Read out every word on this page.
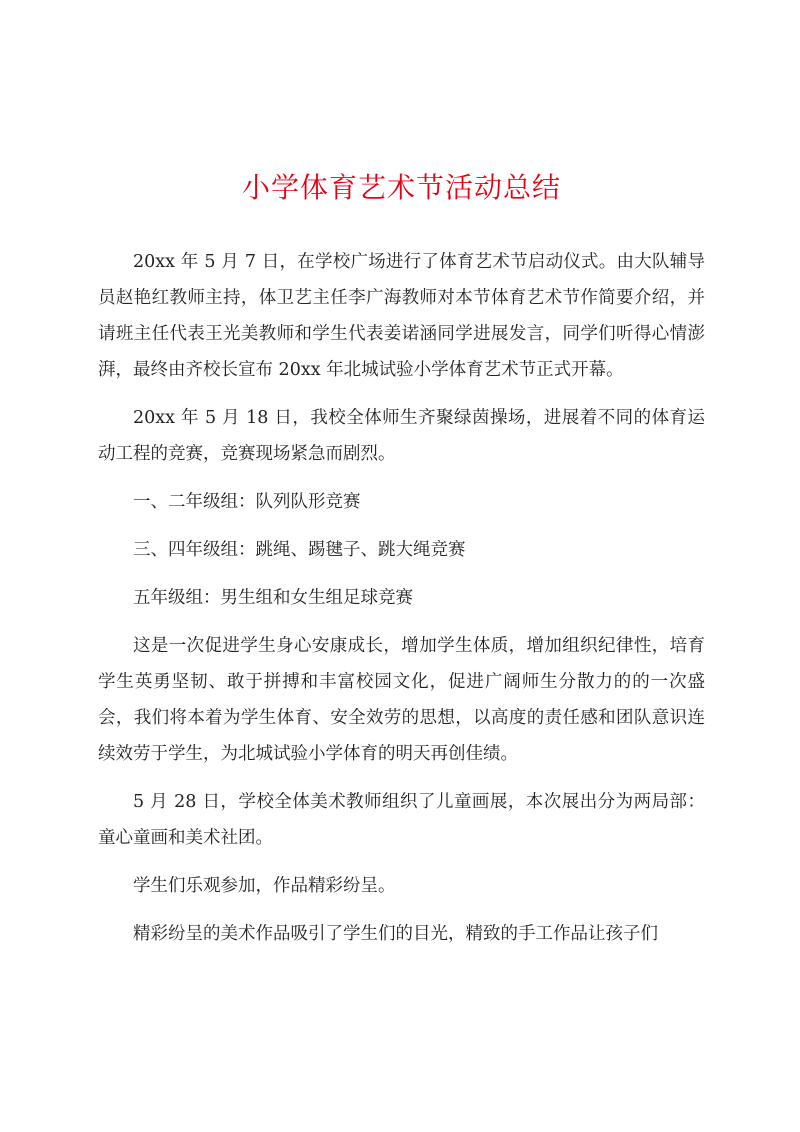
小学体育艺术节活动总结

20xx 年 5 月 7 日，在学校广场进行了体育艺术节启动仪式。由大队辅导员赵艳红教师主持，体卫艺主任李广海教师对本节体育艺术节作简要介绍，并请班主任代表王光美教师和学生代表姜诺涵同学进展发言，同学们听得心情澎湃，最终由齐校长宣布 20xx 年北城试验小学体育艺术节正式开幕。

20xx 年 5 月 18 日，我校全体师生齐聚绿茵操场，进展着不同的体育运动工程的竞赛，竞赛现场紧急而剧烈。

一、二年级组：队列队形竞赛

三、四年级组：跳绳、踢毽子、跳大绳竞赛

五年级组：男生组和女生组足球竞赛

这是一次促进学生身心安康成长，增加学生体质，增加组织纪律性，培育学生英勇坚韧、敢于拼搏和丰富校园文化，促进广阔师生分散力的的一次盛会，我们将本着为学生体育、安全效劳的思想，以高度的责任感和团队意识连续效劳于学生，为北城试验小学体育的明天再创佳绩。

5 月 28 日，学校全体美术教师组织了儿童画展，本次展出分为两局部：童心童画和美术社团。

学生们乐观参加，作品精彩纷呈。

精彩纷呈的美术作品吸引了学生们的目光，精致的手工作品让孩子们
